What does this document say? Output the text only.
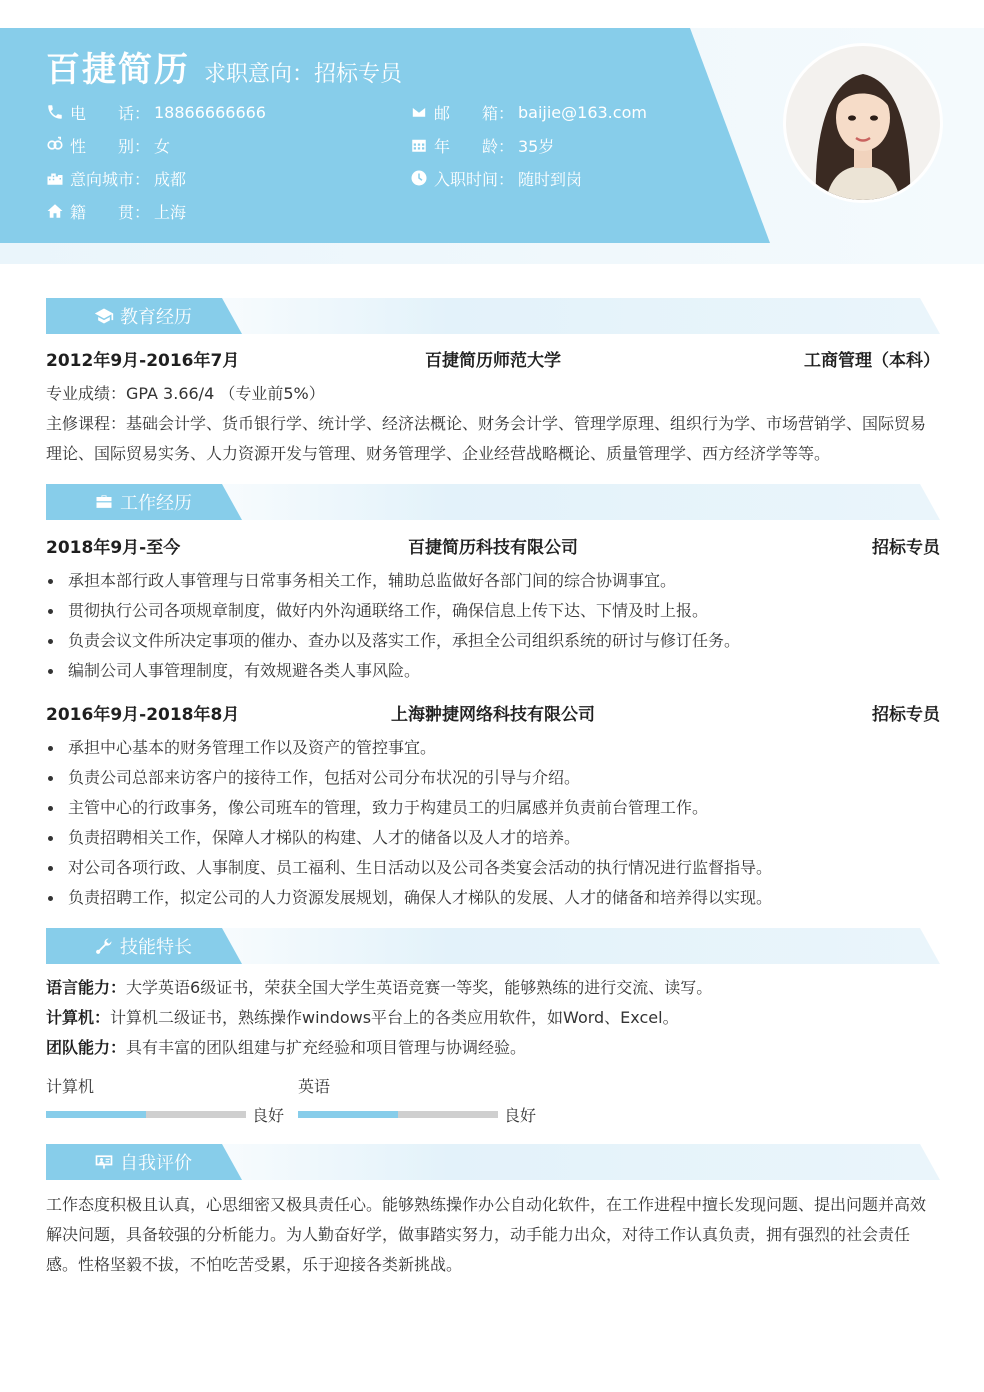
百捷简历 求职意向：招标专员
电　　话： 18866666666	邮　　箱： baijie@163.com
性　　别： 女	年　　龄： 35岁
意向城市： 成都	入职时间： 随时到岗
籍　　贯： 上海
教育经历
2012年9月-2016年7月	百捷简历师范大学	工商管理（本科）
专业成绩：GPA 3.66/4 （专业前5%）
主修课程：基础会计学、货币银行学、统计学、经济法概论、财务会计学、管理学原理、组织行为学、市场营销学、国际贸易理论、国际贸易实务、人力资源开发与管理、财务管理学、企业经营战略概论、质量管理学、西方经济学等等。
工作经历
2018年9月-至今	百捷简历科技有限公司	招标专员
承担本部行政人事管理与日常事务相关工作，辅助总监做好各部门间的综合协调事宜。
贯彻执行公司各项规章制度，做好内外沟通联络工作，确保信息上传下达、下情及时上报。
负责会议文件所决定事项的催办、查办以及落实工作，承担全公司组织系统的研讨与修订任务。
编制公司人事管理制度，有效规避各类人事风险。
2016年9月-2018年8月	上海翀捷网络科技有限公司	招标专员
承担中心基本的财务管理工作以及资产的管控事宜。
负责公司总部来访客户的接待工作，包括对公司分布状况的引导与介绍。
主管中心的行政事务，像公司班车的管理，致力于构建员工的归属感并负责前台管理工作。
负责招聘相关工作，保障人才梯队的构建、人才的储备以及人才的培养。
对公司各项行政、人事制度、员工福利、生日活动以及公司各类宴会活动的执行情况进行监督指导。
负责招聘工作，拟定公司的人力资源发展规划，确保人才梯队的发展、人才的储备和培养得以实现。
技能特长
语言能力：大学英语6级证书，荣获全国大学生英语竞赛一等奖，能够熟练的进行交流、读写。
计算机：计算机二级证书，熟练操作windows平台上的各类应用软件，如Word、Excel。
团队能力：具有丰富的团队组建与扩充经验和项目管理与协调经验。
计算机
良好
英语
良好
自我评价
工作态度积极且认真，心思细密又极具责任心。能够熟练操作办公自动化软件，在工作进程中擅长发现问题、提出问题并高效解决问题，具备较强的分析能力。为人勤奋好学，做事踏实努力，动手能力出众，对待工作认真负责，拥有强烈的社会责任感。性格坚毅不拔，不怕吃苦受累，乐于迎接各类新挑战。
